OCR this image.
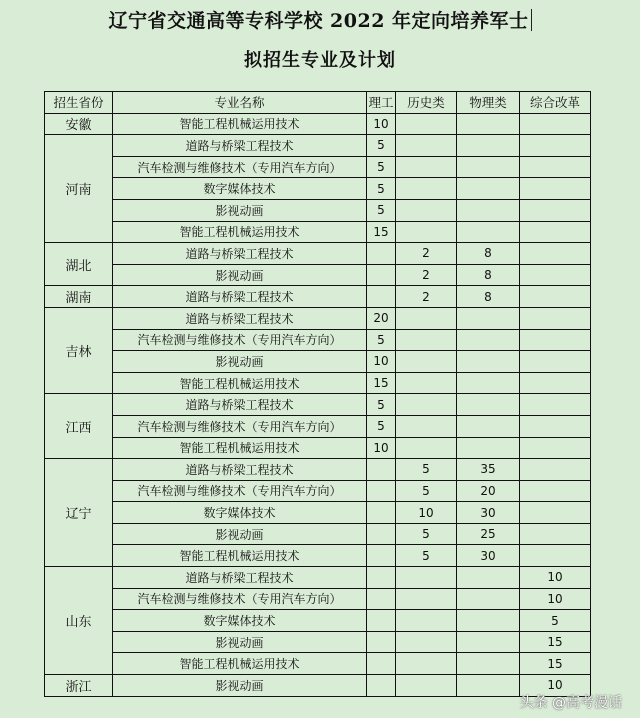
辽宁省交通高等专科学校 2022 年定向培养军士
拟招生专业及计划
招生省份	专业名称	理工	历史类	物理类	综合改革
安徽	智能工程机械运用技术	10			
河南	道路与桥梁工程技术	5			
	汽车检测与维修技术（专用汽车方向）	5			
	数字媒体技术	5			
	影视动画	5			
	智能工程机械运用技术	15			
湖北	道路与桥梁工程技术		2	8	
	影视动画		2	8	
湖南	道路与桥梁工程技术		2	8	
吉林	道路与桥梁工程技术	20			
	汽车检测与维修技术（专用汽车方向）	5			
	影视动画	10			
	智能工程机械运用技术	15			
江西	道路与桥梁工程技术	5			
	汽车检测与维修技术（专用汽车方向）	5			
	智能工程机械运用技术	10			
辽宁	道路与桥梁工程技术		5	35	
	汽车检测与维修技术（专用汽车方向）		5	20	
	数字媒体技术		10	30	
	影视动画		5	25	
	智能工程机械运用技术		5	30	
山东	道路与桥梁工程技术				10
	汽车检测与维修技术（专用汽车方向）				10
	数字媒体技术				5
	影视动画				15
	智能工程机械运用技术				15
浙江	影视动画				10
头条 @高考漫话
